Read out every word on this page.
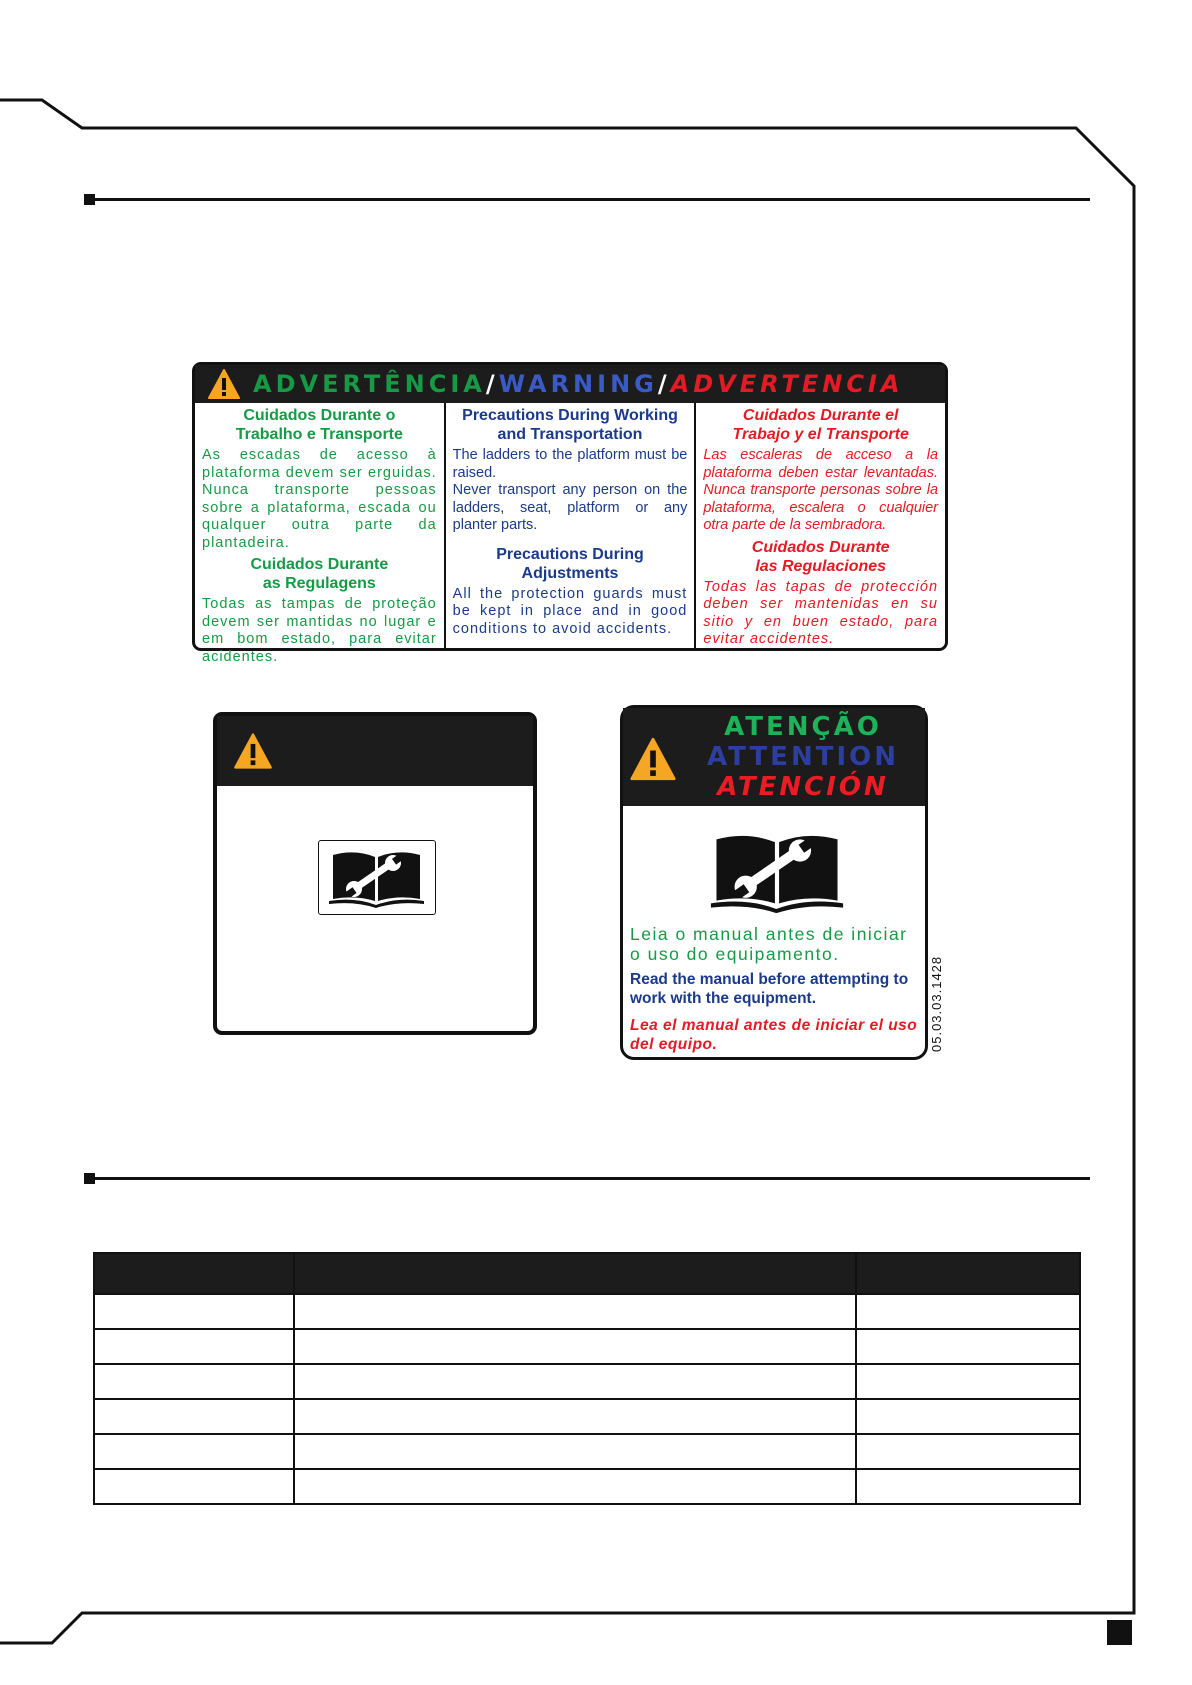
ADVERTÊNCIA/WARNING/ADVERTENCIA
Cuidados Durante o
Trabalho e Transporte
As escadas de acesso à plataforma devem ser erguidas. Nunca transporte pessoas sobre a plataforma, escada ou qualquer outra parte da plantadeira.
Cuidados Durante
as Regulagens
Todas as tampas de proteção devem ser mantidas no lugar e em bom estado, para evitar acidentes.
Precautions During Working
and Transportation
The ladders to the platform must be raised.
Never transport any person on the ladders, seat, platform or any planter parts.
Precautions During
Adjustments
All the protection guards must be kept in place and in good conditions to avoid accidents.
Cuidados Durante el
Trabajo y el Transporte
Las escaleras de acceso a la plataforma deben estar levantadas. Nunca transporte personas sobre la plataforma, escalera o cualquier otra parte de la sembradora.
Cuidados Durante
las Regulaciones
Todas las tapas de protección deben ser mantenidas en su sitio y en buen estado, para evitar accidentes.
ATENÇÃO
ATTENTION
ATENCIÓN
Leia o manual antes de iniciar o uso do equipamento.
Read the manual before attempting to work with the equipment.
Lea el manual antes de iniciar el uso del equipo.	05.03.03.1428
